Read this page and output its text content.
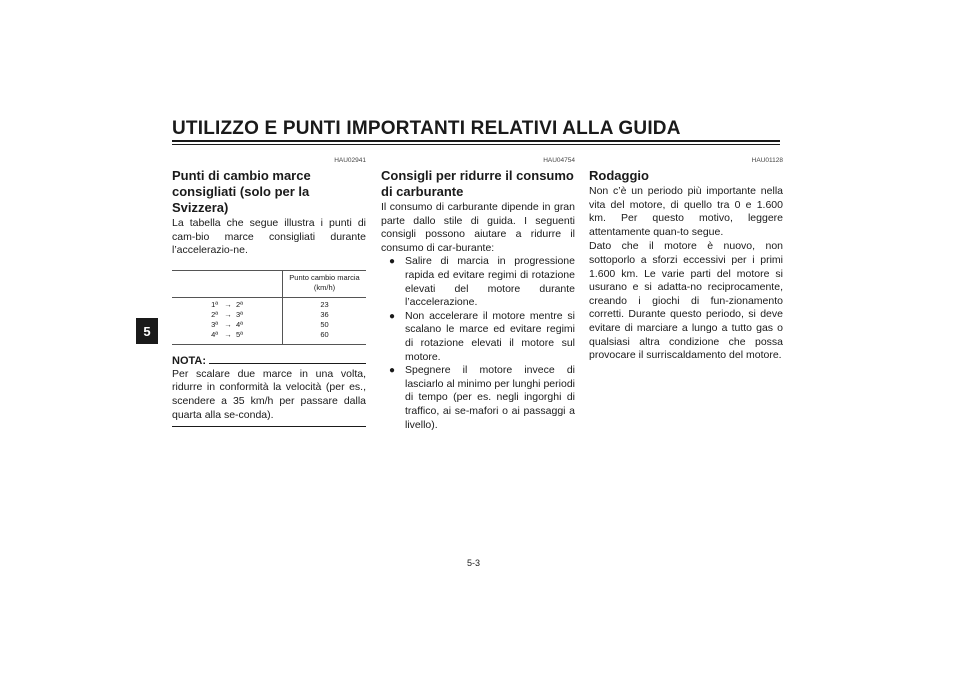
UTILIZZO E PUNTI IMPORTANTI RELATIVI ALLA GUIDA
5
HAU02941
Punti di cambio marce consigliati (solo per la Svizzera)

La tabella che segue illustra i punti di cam-bio marce consigliati durante l’accelerazio-ne.

	Punto cambio marcia (km/h)
1ª   →  2ª	23
2ª   →  3ª	36
3ª   →  4ª	50
4ª   →  5ª	60
NOTA:

Per scalare due marce in una volta, ridurre in conformità la velocità (per es., scendere a 35 km/h per passare dalla quarta alla se-conda).

HAU04754
Consigli per ridurre il consumo di carburante

Il consumo di carburante dipende in gran parte dallo stile di guida. I seguenti consigli possono aiutare a ridurre il consumo di car-burante:

● Salire di marcia in progressione rapida ed evitare regimi di rotazione elevati del motore durante l’accelerazione.
● Non accelerare il motore mentre si scalano le marce ed evitare regimi di rotazione elevati il motore sul motore.
● Spegnere il motore invece di lasciarlo al minimo per lunghi periodi di tempo (per es. negli ingorghi di traffico, ai se-mafori o ai passaggi a livello).
HAU01128
Rodaggio

Non c’è un periodo più importante nella vita del motore, di quello tra 0 e 1.600 km. Per questo motivo, leggere attentamente quan-to segue.

Dato che il motore è nuovo, non sottoporlo a sforzi eccessivi per i primi 1.600 km. Le varie parti del motore si usurano e si adatta-no reciprocamente, creando i giochi di fun-zionamento corretti. Durante questo periodo, si deve evitare di marciare a lungo a tutto gas o qualsiasi altra condizione che possa provocare il surriscaldamento del motore.

5-3
